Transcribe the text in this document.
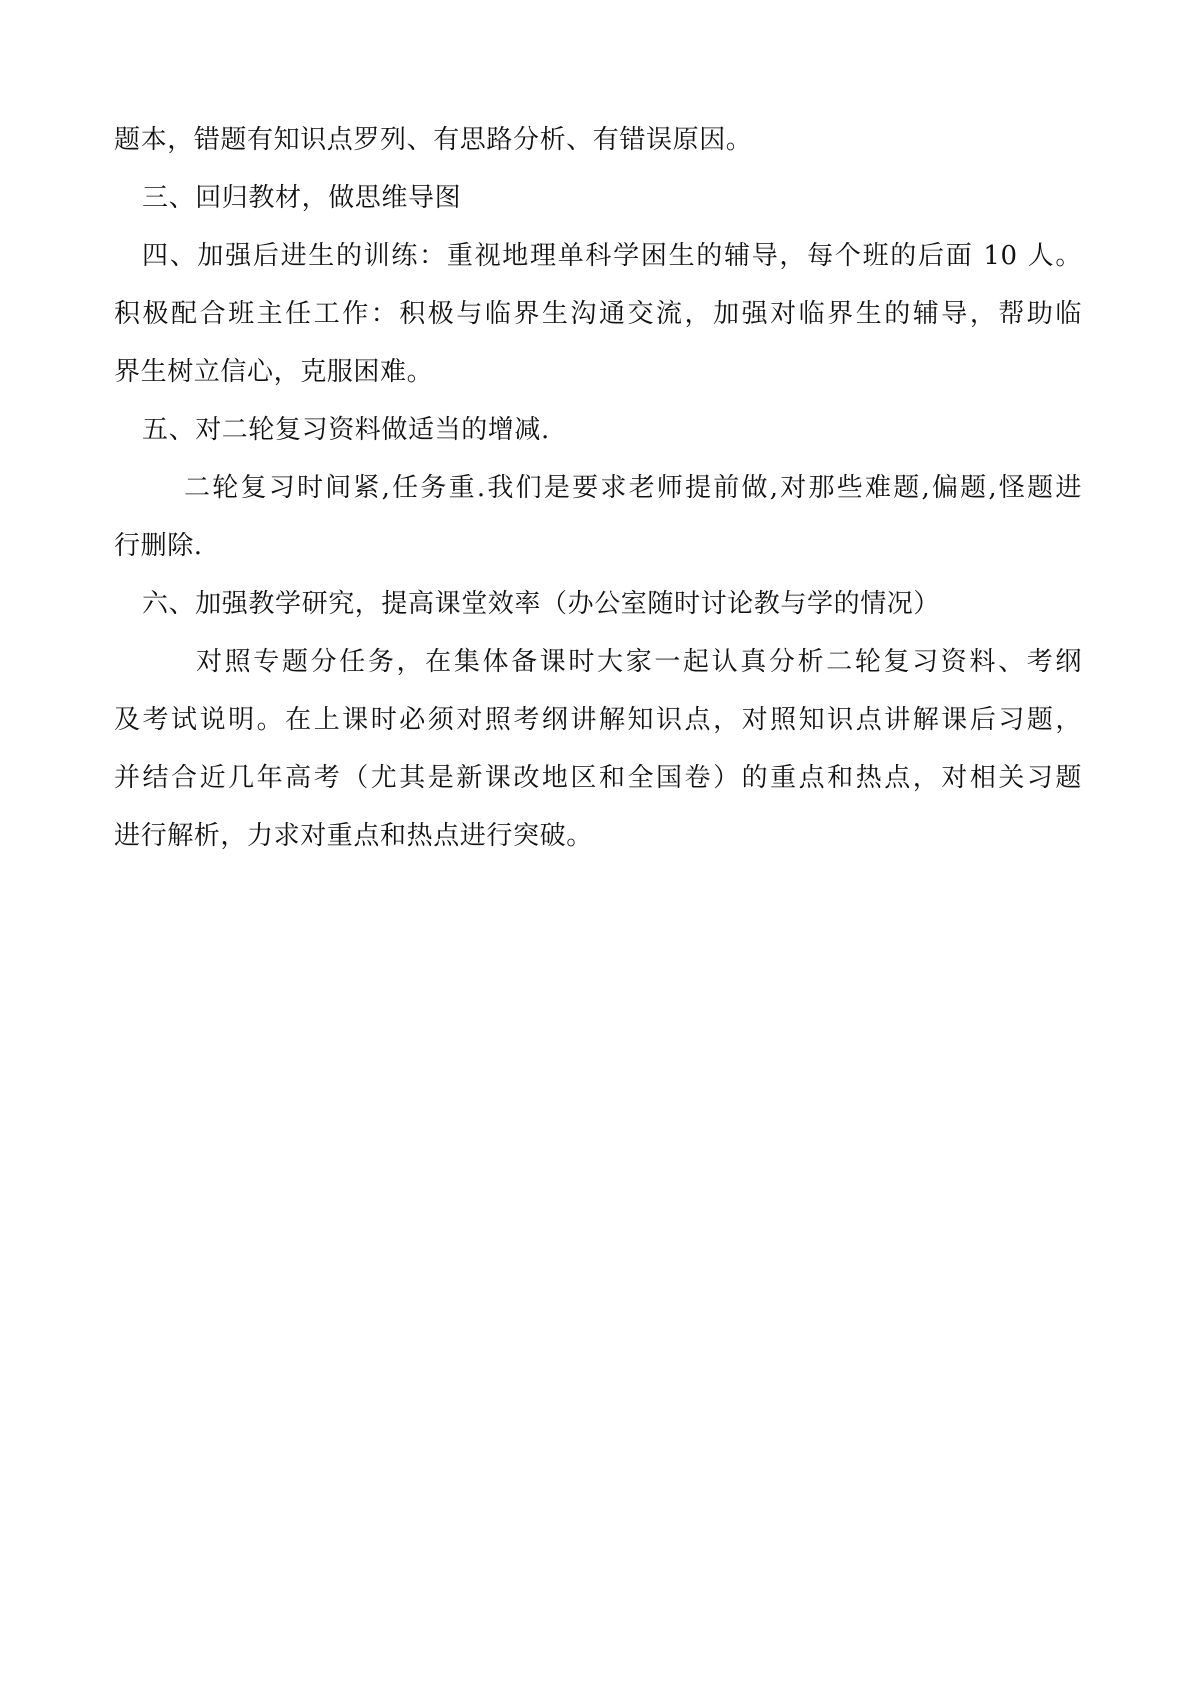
题本，错题有知识点罗列、有思路分析、有错误原因。
三、回归教材，做思维导图
四、加强后进生的训练：重视地理单科学困生的辅导，每个班的后面 10 人。
积极配合班主任工作：积极与临界生沟通交流，加强对临界生的辅导，帮助临
界生树立信心，克服困难。
五、对二轮复习资料做适当的增减.
二轮复习时间紧,任务重.我们是要求老师提前做,对那些难题,偏题,怪题进
行删除.
六、加强教学研究，提高课堂效率（办公室随时讨论教与学的情况）
对照专题分任务，在集体备课时大家一起认真分析二轮复习资料、考纲
及考试说明。在上课时必须对照考纲讲解知识点，对照知识点讲解课后习题，
并结合近几年高考（尤其是新课改地区和全国卷）的重点和热点，对相关习题
进行解析，力求对重点和热点进行突破。
